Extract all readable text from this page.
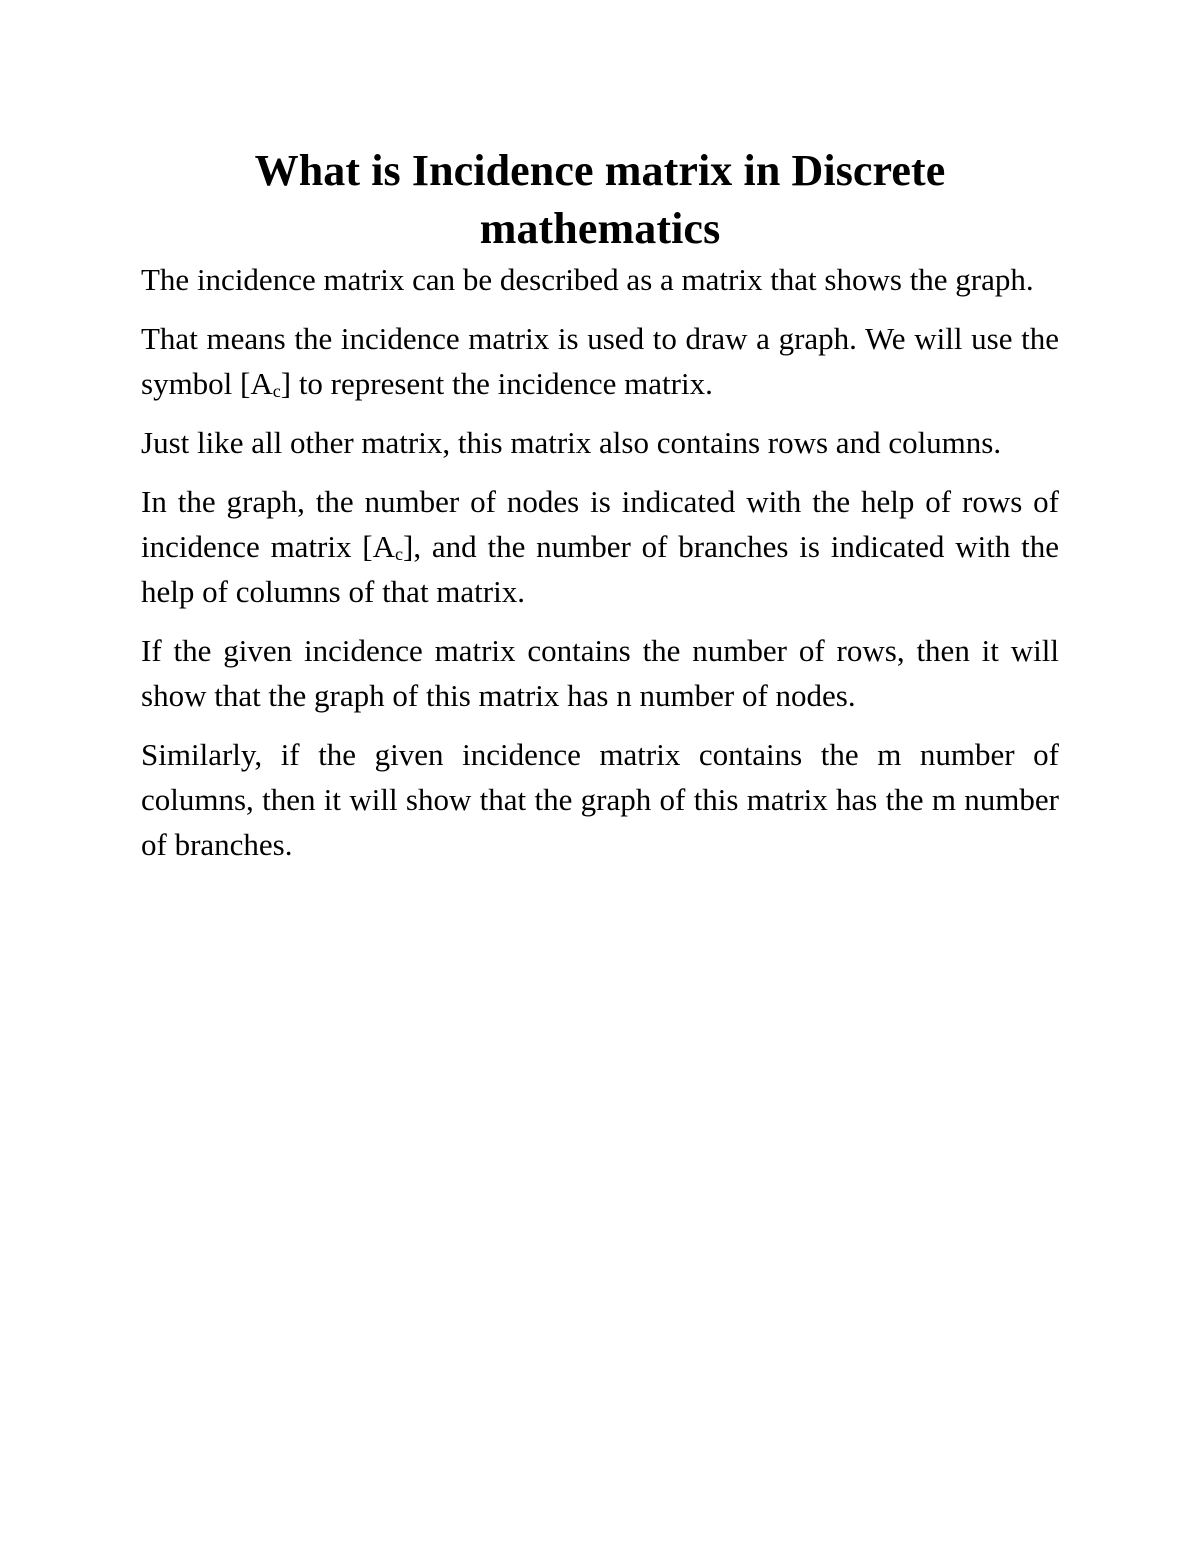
What is Incidence matrix in Discrete mathematics

The incidence matrix can be described as a matrix that shows the graph.

That means the incidence matrix is used to draw a graph. We will use the symbol [Ac] to represent the incidence matrix.

Just like all other matrix, this matrix also contains rows and columns.

In the graph, the number of nodes is indicated with the help of rows of incidence matrix [Ac], and the number of branches is indicated with the help of columns of that matrix.

If the given incidence matrix contains the number of rows, then it will show that the graph of this matrix has n number of nodes.

Similarly, if the given incidence matrix contains the m number of columns, then it will show that the graph of this matrix has the m number of branches.
